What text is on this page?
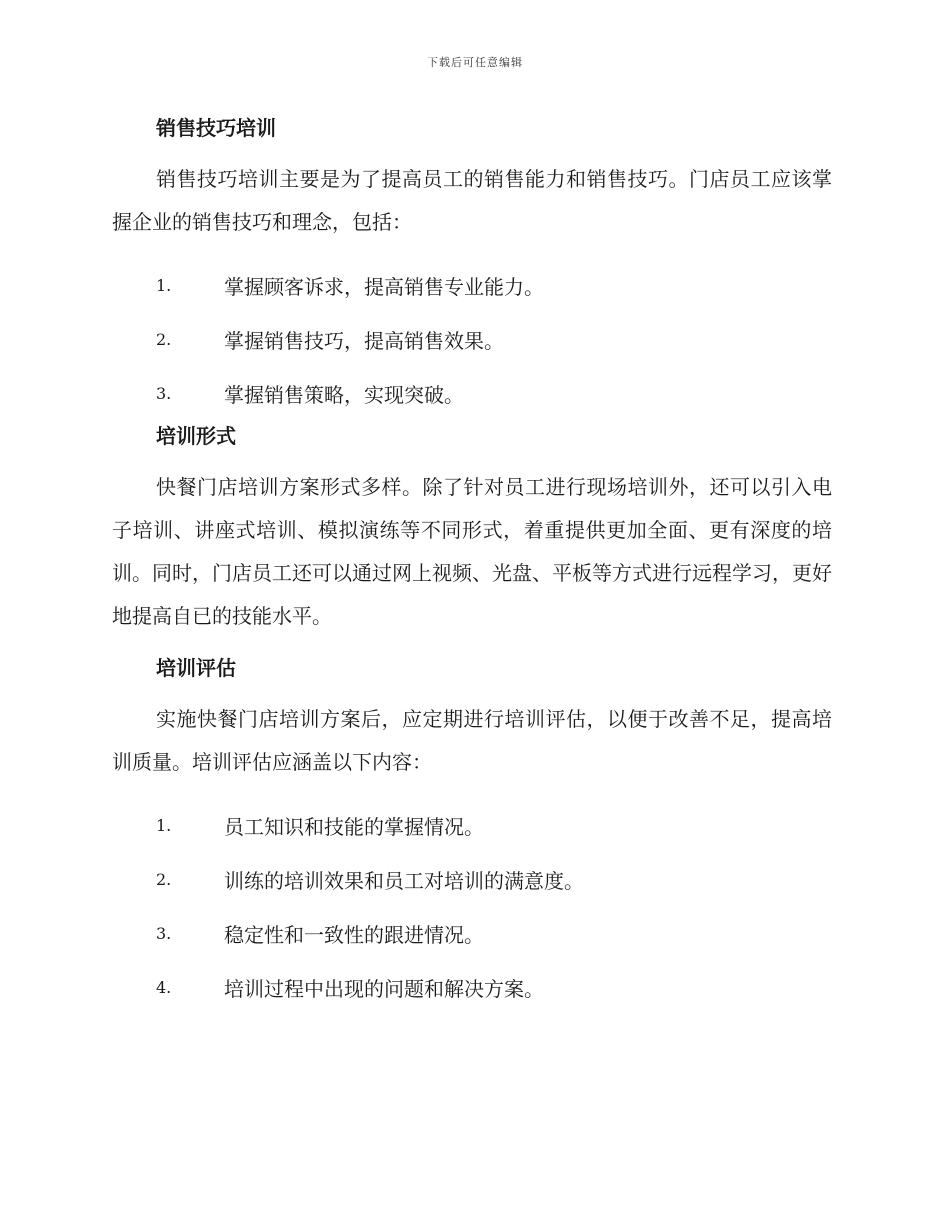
下载后可任意编辑
销售技巧培训

销售技巧培训主要是为了提高员工的销售能力和销售技巧。门店员工应该掌握企业的销售技巧和理念，包括：

1.	掌握顾客诉求，提高销售专业能力。
2.	掌握销售技巧，提高销售效果。
3.	掌握销售策略，实现突破。
培训形式

快餐门店培训方案形式多样。除了针对员工进行现场培训外，还可以引入电子培训、讲座式培训、模拟演练等不同形式，着重提供更加全面、更有深度的培训。同时，门店员工还可以通过网上视频、光盘、平板等方式进行远程学习，更好地提高自已的技能水平。

培训评估

实施快餐门店培训方案后，应定期进行培训评估，以便于改善不足，提高培训质量。培训评估应涵盖以下内容：

1.	员工知识和技能的掌握情况。
2.	训练的培训效果和员工对培训的满意度。
3.	稳定性和一致性的跟进情况。
4.	培训过程中出现的问题和解决方案。
